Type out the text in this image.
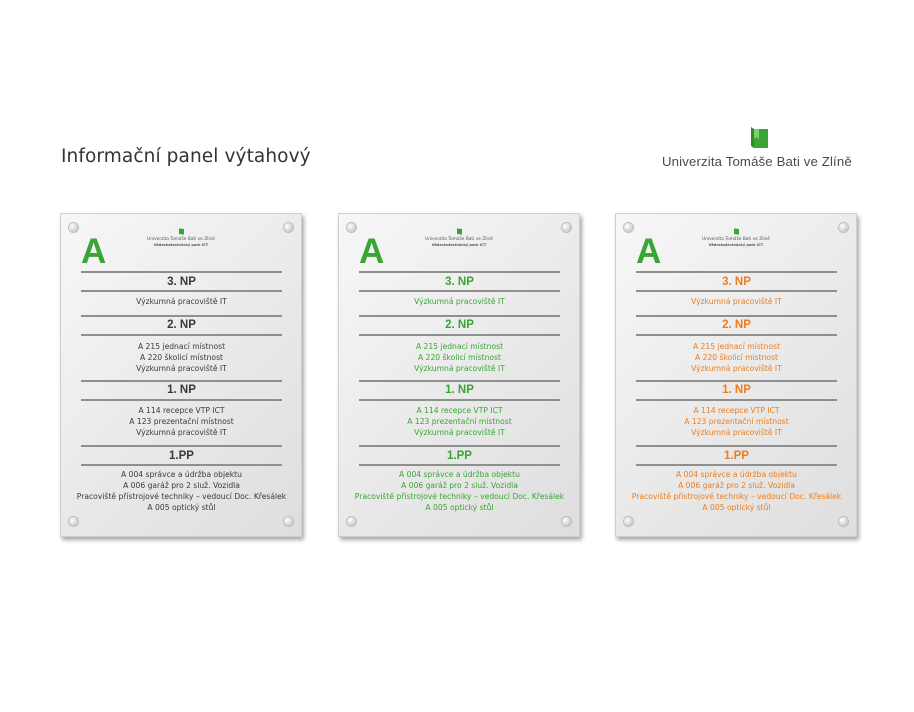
Informační panel výtahový	Univerzita Tomáše Bati ve Zlíně
A	Univerzita Tomáše Bati ve Zlíně
Vědeckotechnický park ICT
3. NP
Výzkumná pracoviště IT
2. NP
A 215 jednací místnost
A 220 školicí místnost
Výzkumná pracoviště IT
1. NP
A 114 recepce VTP ICT
A 123 prezentační místnost
Výzkumná pracoviště IT
1.PP
A 004 správce a údržba objektu
A 006 garáž pro 2 služ. Vozidla
Pracoviště přístrojové techniky – vedoucí Doc. Křesálek
A 005 optický stůl
A	Univerzita Tomáše Bati ve Zlíně
Vědeckotechnický park ICT
3. NP
Výzkumná pracoviště IT
2. NP
A 215 jednací místnost
A 220 školicí místnost
Výzkumná pracoviště IT
1. NP
A 114 recepce VTP ICT
A 123 prezentační místnost
Výzkumná pracoviště IT
1.PP
A 004 správce a údržba objektu
A 006 garáž pro 2 služ. Vozidla
Pracoviště přístrojové techniky – vedoucí Doc. Křesálek
A 005 optický stůl
A	Univerzita Tomáše Bati ve Zlíně
Vědeckotechnický park ICT
3. NP
Výzkumná pracoviště IT
2. NP
A 215 jednací místnost
A 220 školicí místnost
Výzkumná pracoviště IT
1. NP
A 114 recepce VTP ICT
A 123 prezentační místnost
Výzkumná pracoviště IT
1.PP
A 004 správce a údržba objektu
A 006 garáž pro 2 služ. Vozidla
Pracoviště přístrojové techniky – vedoucí Doc. Křesálek
A 005 optický stůl
